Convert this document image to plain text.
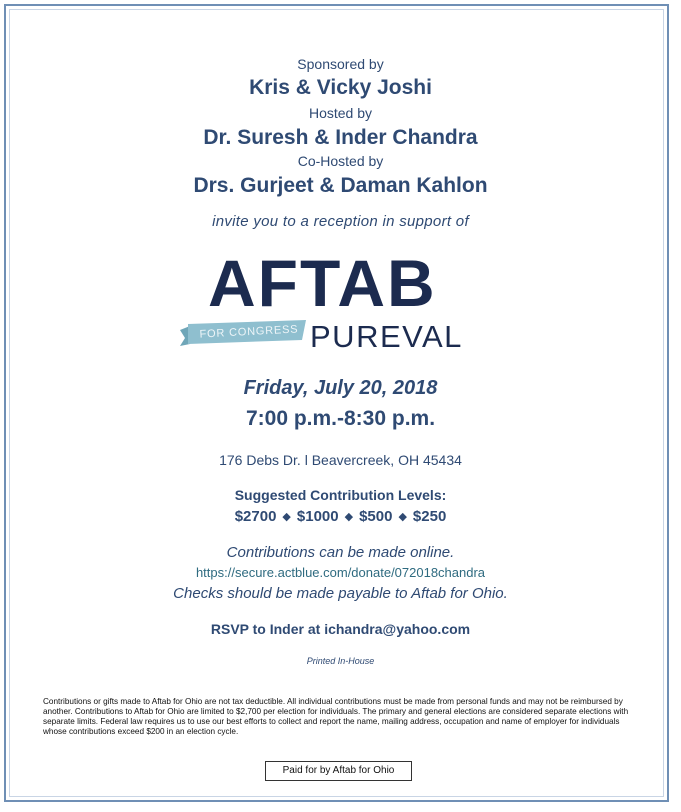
Sponsored by
Kris & Vicky Joshi
Hosted by
Dr. Suresh & Inder Chandra
Co-Hosted by
Drs. Gurjeet & Daman Kahlon
invite you to a reception in support of
AFTAB
FOR CONGRESS PUREVAL
Friday, July 20, 2018
7:00 p.m.-8:30 p.m.
176 Debs Dr. l Beavercreek, OH 45434
Suggested Contribution Levels:
$2700 ◆ $1000 ◆ $500 ◆ $250
Contributions can be made online.
https://secure.actblue.com/donate/072018chandra
Checks should be made payable to Aftab for Ohio.
RSVP to Inder at ichandra@yahoo.com
Printed In-House
Contributions or gifts made to Aftab for Ohio are not tax deductible. All individual contributions must be made from personal funds and may not be reimbursed by another. Contributions to Aftab for Ohio are limited to $2,700 per election for individuals. The primary and general elections are considered separate elections with separate limits. Federal law requires us to use our best efforts to collect and report the name, mailing address, occupation and name of employer for individuals whose contributions exceed $200 in an election cycle.
Paid for by Aftab for Ohio
